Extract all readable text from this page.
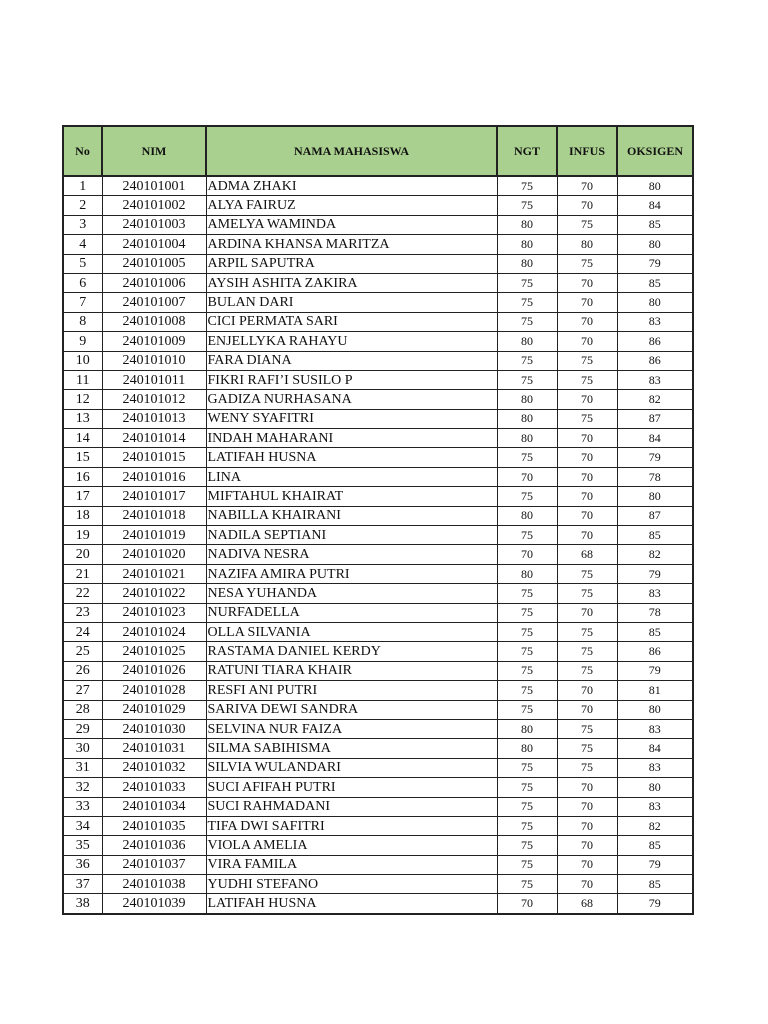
No	NIM	NAMA MAHASISWA	NGT	INFUS	OKSIGEN
1	240101001	ADMA ZHAKI	75	70	80
2	240101002	ALYA FAIRUZ	75	70	84
3	240101003	AMELYA WAMINDA	80	75	85
4	240101004	ARDINA KHANSA MARITZA	80	80	80
5	240101005	ARPIL SAPUTRA	80	75	79
6	240101006	AYSIH ASHITA ZAKIRA	75	70	85
7	240101007	BULAN DARI	75	70	80
8	240101008	CICI PERMATA SARI	75	70	83
9	240101009	ENJELLYKA RAHAYU	80	70	86
10	240101010	FARA DIANA	75	75	86
11	240101011	FIKRI RAFI’I SUSILO P	75	75	83
12	240101012	GADIZA NURHASANA	80	70	82
13	240101013	WENY SYAFITRI	80	75	87
14	240101014	INDAH MAHARANI	80	70	84
15	240101015	LATIFAH HUSNA	75	70	79
16	240101016	LINA	70	70	78
17	240101017	MIFTAHUL KHAIRAT	75	70	80
18	240101018	NABILLA KHAIRANI	80	70	87
19	240101019	NADILA SEPTIANI	75	70	85
20	240101020	NADIVA NESRA	70	68	82
21	240101021	NAZIFA AMIRA PUTRI	80	75	79
22	240101022	NESA YUHANDA	75	75	83
23	240101023	NURFADELLA	75	70	78
24	240101024	OLLA SILVANIA	75	75	85
25	240101025	RASTAMA DANIEL KERDY	75	75	86
26	240101026	RATUNI TIARA KHAIR	75	75	79
27	240101028	RESFI ANI PUTRI	75	70	81
28	240101029	SARIVA DEWI SANDRA	75	70	80
29	240101030	SELVINA NUR FAIZA	80	75	83
30	240101031	SILMA SABIHISMA	80	75	84
31	240101032	SILVIA WULANDARI	75	75	83
32	240101033	SUCI AFIFAH PUTRI	75	70	80
33	240101034	SUCI RAHMADANI	75	70	83
34	240101035	TIFA DWI SAFITRI	75	70	82
35	240101036	VIOLA AMELIA	75	70	85
36	240101037	VIRA FAMILA	75	70	79
37	240101038	YUDHI STEFANO	75	70	85
38	240101039	LATIFAH HUSNA	70	68	79
